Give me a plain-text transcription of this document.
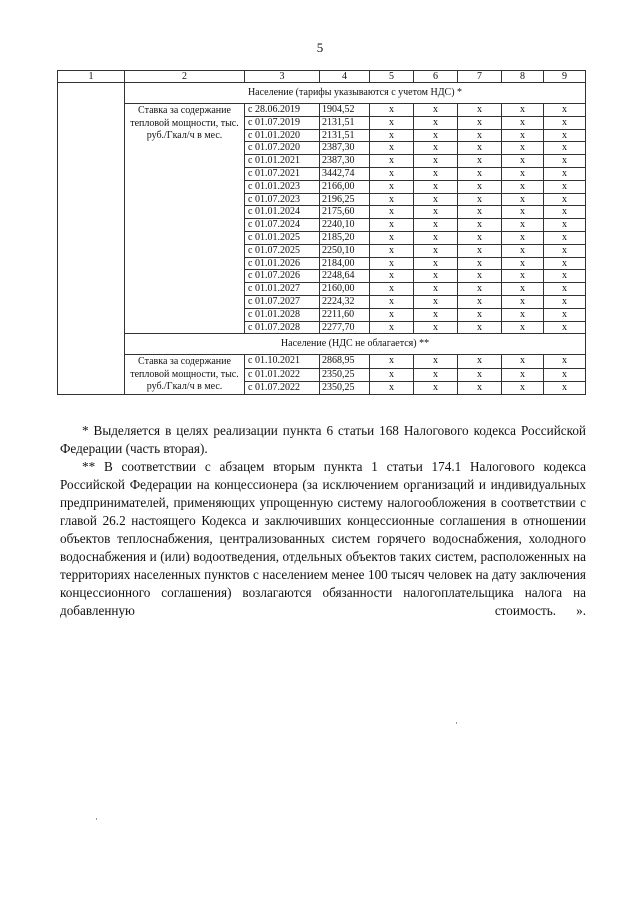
5
1	2	3	4	5	6	7	8	9
	Население (тарифы указываются с учетом НДС) *							
	Ставка за содержание тепловой мощности, тыс. руб./Гкал/ч в мес.	с 28.06.2019	1904,52	x	x	x	x	x
		с 01.07.2019	2131,51	x	x	x	x	x
		с 01.01.2020	2131,51	x	x	x	x	x
		с 01.07.2020	2387,30	x	x	x	x	x
		с 01.01.2021	2387,30	x	x	x	x	x
		с 01.07.2021	3442,74	x	x	x	x	x
		с 01.01.2023	2166,00	x	x	x	x	x
		с 01.07.2023	2196,25	x	x	x	x	x
		с 01.01.2024	2175,60	x	x	x	x	x
		с 01.07.2024	2240,10	x	x	x	x	x
		с 01.01.2025	2185,20	x	x	x	x	x
		с 01.07.2025	2250,10	x	x	x	x	x
		с 01.01.2026	2184,00	x	x	x	x	x
		с 01.07.2026	2248,64	x	x	x	x	x
		с 01.01.2027	2160,00	x	x	x	x	x
		с 01.07.2027	2224,32	x	x	x	x	x
		с 01.01.2028	2211,60	x	x	x	x	x
		с 01.07.2028	2277,70	x	x	x	x	x
	Население (НДС не облагается) **							
	Ставка за содержание тепловой мощности, тыс. руб./Гкал/ч в мес.	с 01.10.2021	2868,95	x	x	x	x	x
		с 01.01.2022	2350,25	x	x	x	x	x
		с 01.07.2022	2350,25	x	x	x	x	x

* Выделяется в целях реализации пункта 6 статьи 168 Налогового кодекса Российской Федерации (часть вторая).

** В соответствии с абзацем вторым пункта 1 статьи 174.1 Налогового кодекса Российской Федерации на концессионера (за исключением организаций и индивидуальных предпринимателей, применяющих упрощенную систему налогообложения в соответствии с главой 26.2 настоящего Кодекса и заключивших концессионные соглашения в отношении объектов теплоснабжения, централизованных систем горячего водоснабжения, холодного водоснабжения и (или) водоотведения, отдельных объектов таких систем, расположенных на территориях населенных пунктов с населением менее 100 тысяч человек на дату заключения концессионного соглашения) возлагаются обязанности налогоплательщика налога на добавленную стоимость. ».
